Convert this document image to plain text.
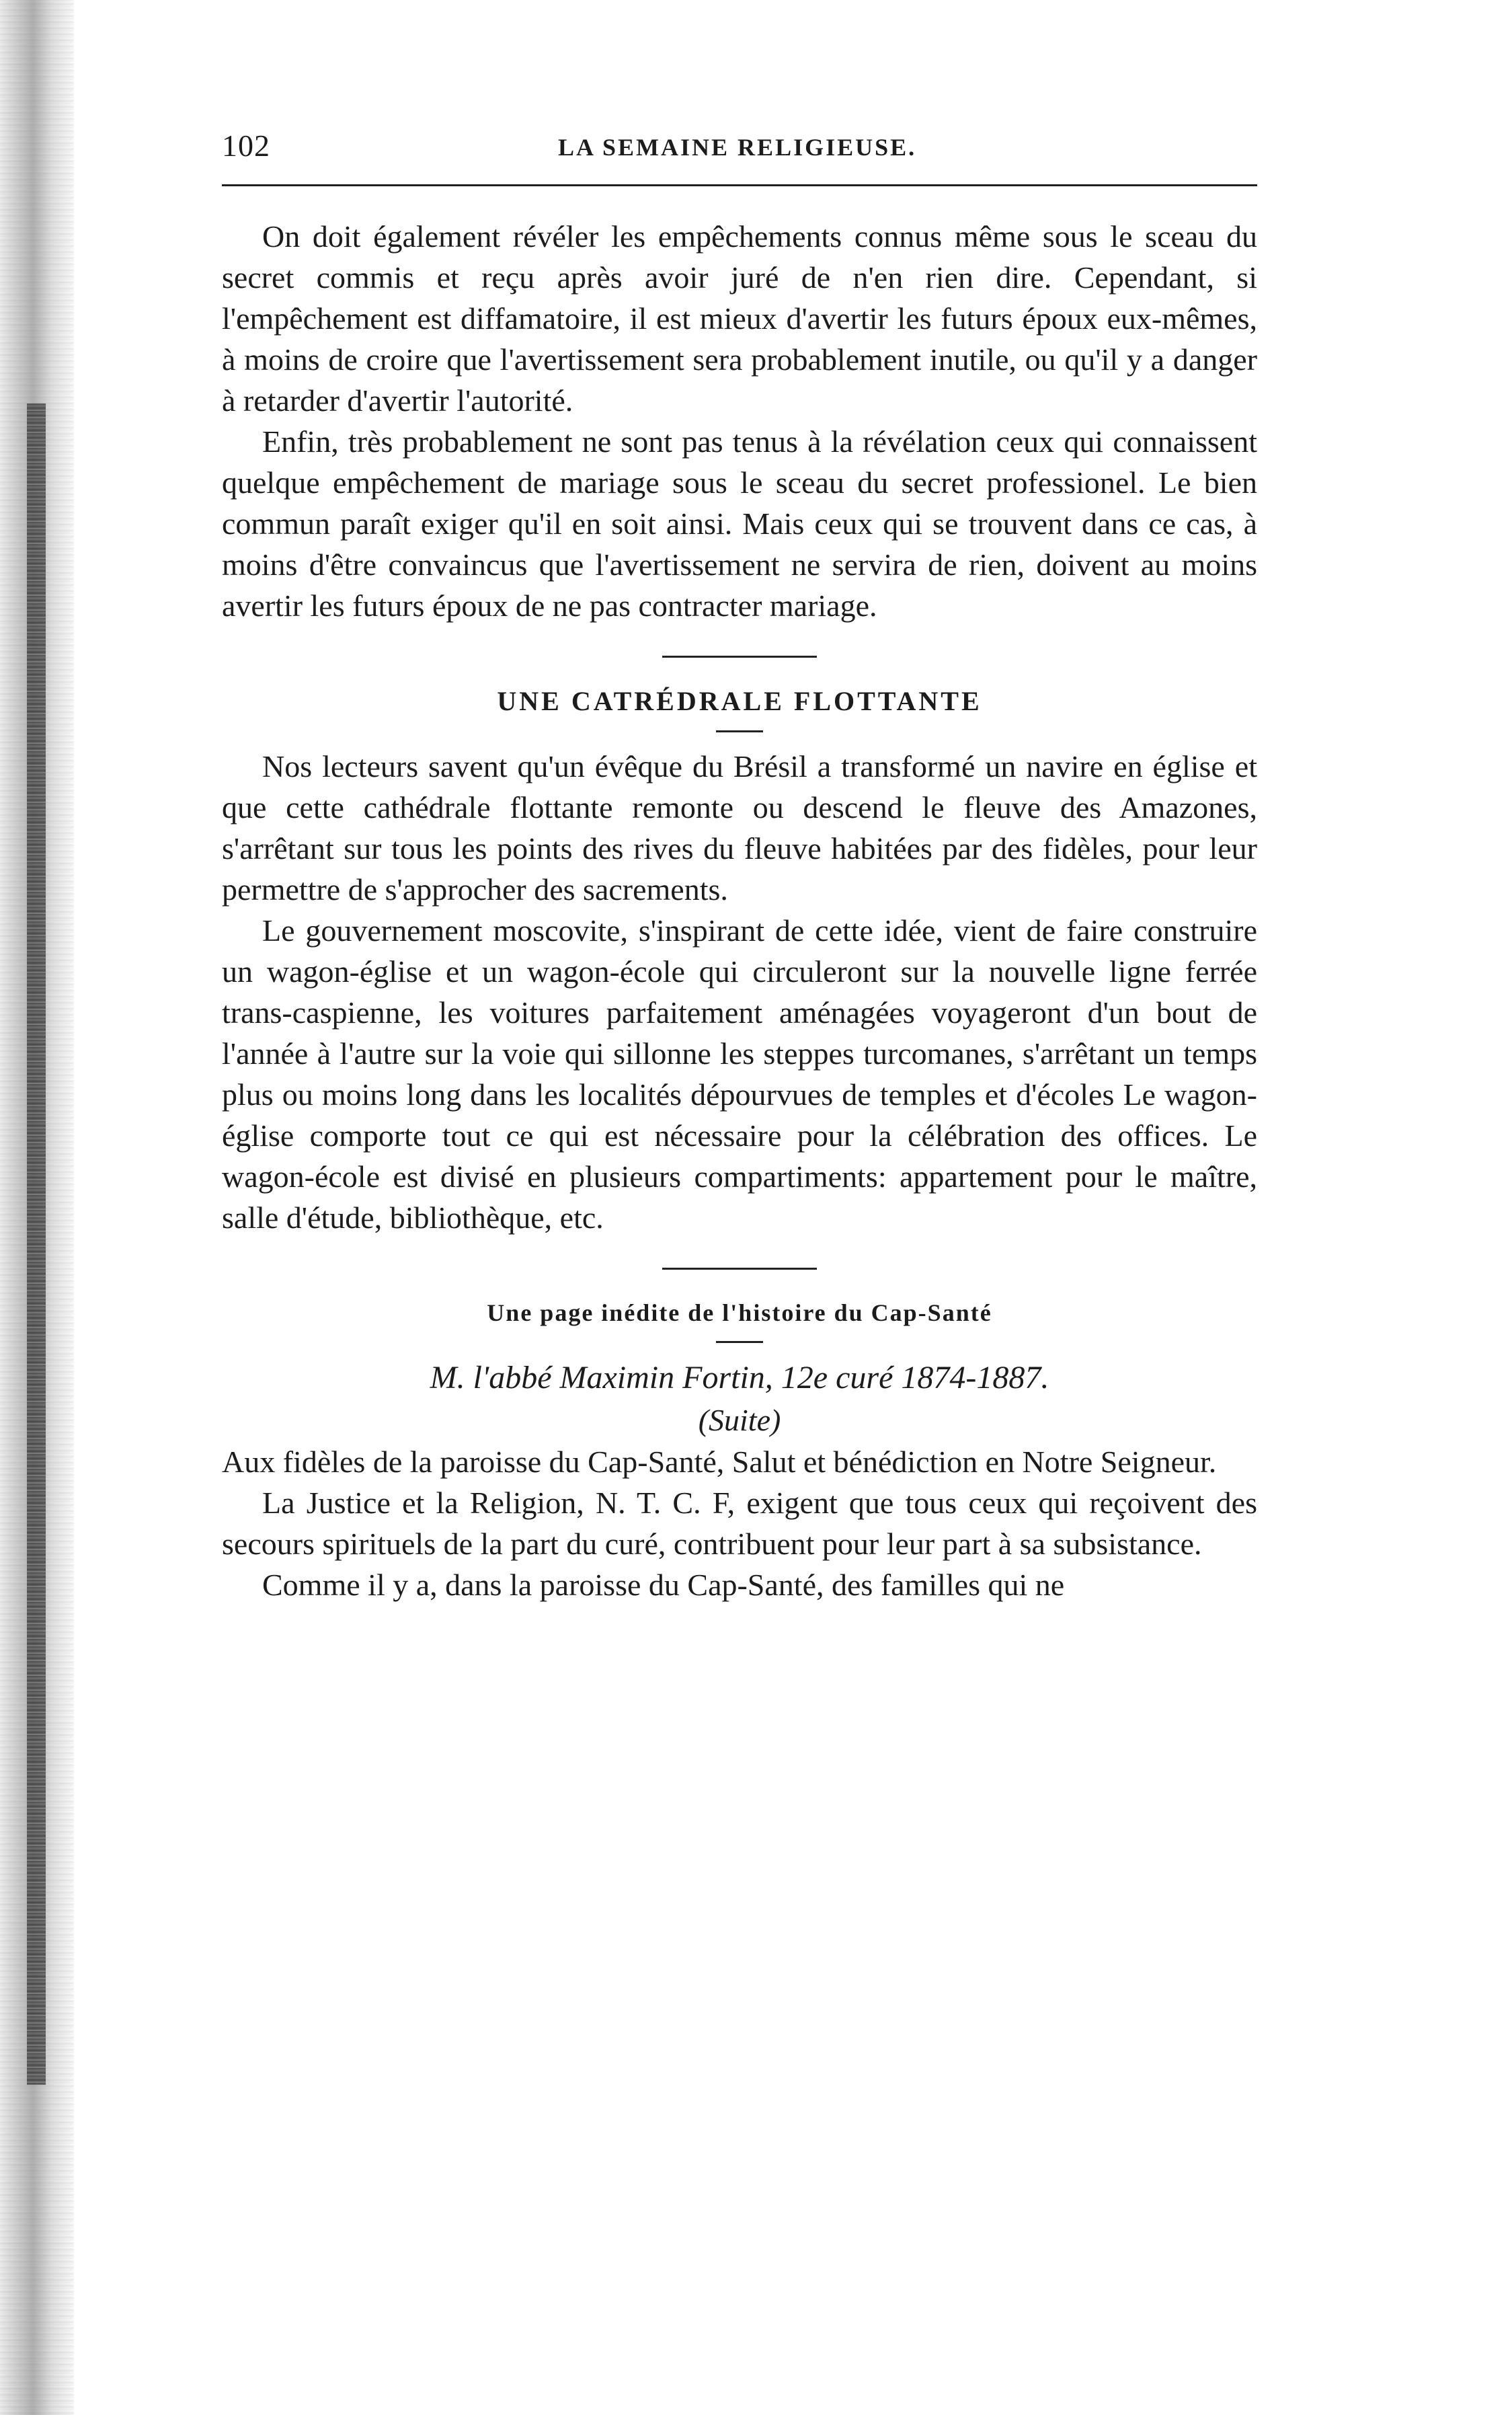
102	LA SEMAINE RELIGIEUSE.

On doit également révéler les empêchements connus même sous le sceau du secret commis et reçu après avoir juré de n'en rien dire. Cependant, si l'empêchement est diffamatoire, il est mieux d'avertir les futurs époux eux-mêmes, à moins de croire que l'avertissement sera probablement inutile, ou qu'il y a danger à retarder d'avertir l'autorité.

Enfin, très probablement ne sont pas tenus à la révélation ceux qui connaissent quelque empêchement de mariage sous le sceau du secret professionel. Le bien commun paraît exiger qu'il en soit ainsi. Mais ceux qui se trouvent dans ce cas, à moins d'être convaincus que l'avertissement ne servira de rien, doivent au moins avertir les futurs époux de ne pas contracter mariage.

UNE CATRÉDRALE FLOTTANTE

Nos lecteurs savent qu'un évêque du Brésil a transformé un navire en église et que cette cathédrale flottante remonte ou descend le fleuve des Amazones, s'arrêtant sur tous les points des rives du fleuve habitées par des fidèles, pour leur permettre de s'approcher des sacrements.

Le gouvernement moscovite, s'inspirant de cette idée, vient de faire construire un wagon-église et un wagon-école qui circuleront sur la nouvelle ligne ferrée trans-caspienne, les voitures parfaitement aménagées voyageront d'un bout de l'année à l'autre sur la voie qui sillonne les steppes turcomanes, s'arrêtant un temps plus ou moins long dans les localités dépourvues de temples et d'écoles Le wagon-église comporte tout ce qui est nécessaire pour la célébration des offices. Le wagon-école est divisé en plusieurs compartiments: appartement pour le maître, salle d'étude, bibliothèque, etc.

Une page inédite de l'histoire du Cap-Santé
M. l'abbé Maximin Fortin, 12e curé 1874-1887.
(Suite)

Aux fidèles de la paroisse du Cap-Santé, Salut et bénédiction en Notre Seigneur.

La Justice et la Religion, N. T. C. F, exigent que tous ceux qui reçoivent des secours spirituels de la part du curé, contribuent pour leur part à sa subsistance.

Comme il y a, dans la paroisse du Cap-Santé, des familles qui ne
